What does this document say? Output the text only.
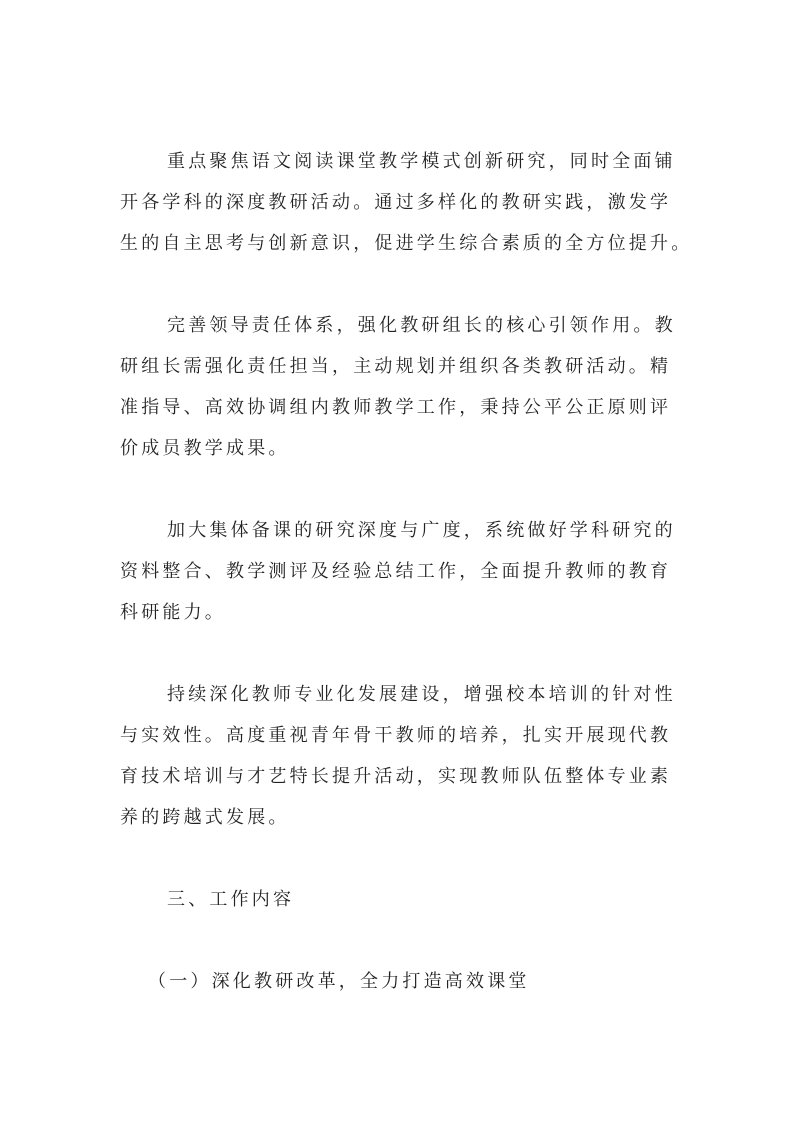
重点聚焦语文阅读课堂教学模式创新研究，同时全面铺
开各学科的深度教研活动。通过多样化的教研实践，激发学
生的自主思考与创新意识，促进学生综合素质的全方位提升。
完善领导责任体系，强化教研组长的核心引领作用。教
研组长需强化责任担当，主动规划并组织各类教研活动。精
准指导、高效协调组内教师教学工作，秉持公平公正原则评
价成员教学成果。
加大集体备课的研究深度与广度，系统做好学科研究的
资料整合、教学测评及经验总结工作，全面提升教师的教育
科研能力。
持续深化教师专业化发展建设，增强校本培训的针对性
与实效性。高度重视青年骨干教师的培养，扎实开展现代教
育技术培训与才艺特长提升活动，实现教师队伍整体专业素
养的跨越式发展。
三、工作内容
（一）深化教研改革，全力打造高效课堂
